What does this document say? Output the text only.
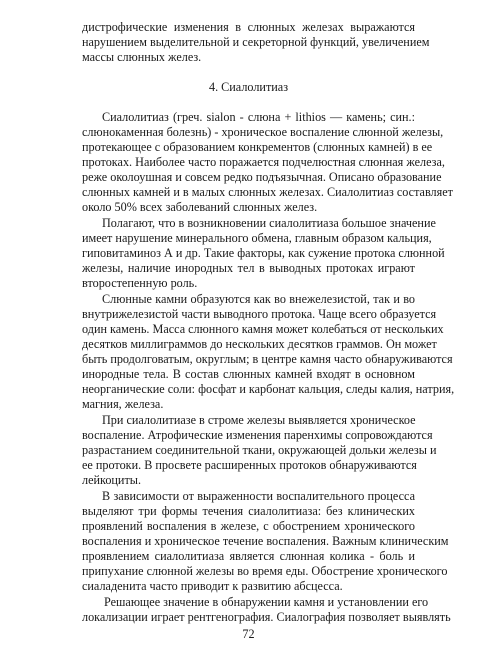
дистрофические изменения в слюнных железах выражаются
нарушением выделительной и секреторной функций, увеличением
массы слюнных желез.
4. Сиалолитиаз
Сиалолитиаз (греч. sialon - слюна + lithios — камень; син.:
слюнокаменная болезнь) - хроническое воспаление слюнной железы,
протекающее с образованием конкрементов (слюнных камней) в ее
протоках. Наиболее часто поражается подчелюстная слюнная железа,
реже околоушная и совсем редко подъязычная. Описано образование
слюнных камней и в малых слюнных железах. Сиалолитиаз составляет
около 50% всех заболеваний слюнных желез.
Полагают, что в возникновении сиалолитиаза большое значение
имеет нарушение минерального обмена, главным образом кальция,
гиповитаминоз А и др. Такие факторы, как сужение протока слюнной
железы, наличие инородных тел в выводных протоках играют
второстепенную роль.
Слюнные камни образуются как во внежелезистой, так и во
внутрижелезистой части выводного протока. Чаще всего образуется
один камень. Масса слюнного камня может колебаться от нескольких
десятков миллиграммов до нескольких десятков граммов. Он может
быть продолговатым, округлым; в центре камня часто обнаруживаются
инородные тела. В состав слюнных камней входят в основном
неорганические соли: фосфат и карбонат кальция, следы калия, натрия,
магния, железа.
При сиалолитиазе в строме железы выявляется хроническое
воспаление. Атрофические изменения паренхимы сопровождаются
разрастанием соединительной ткани, окружающей дольки железы и
ее протоки. В просвете расширенных протоков обнаруживаются
лейкоциты.
В зависимости от выраженности воспалительного процесса
выделяют три формы течения сиалолитиаза: без клинических
проявлений воспаления в железе, с обострением хронического
воспаления и хроническое течение воспаления. Важным клиническим
проявлением сиалолитиаза является слюнная колика - боль и
припухание слюнной железы во время еды. Обострение хронического
сиаладенита часто приводит к развитию абсцесса.
Решающее значение в обнаружении камня и установлении его
локализации играет рентгенография. Сиалография позволяет выявлять
72
